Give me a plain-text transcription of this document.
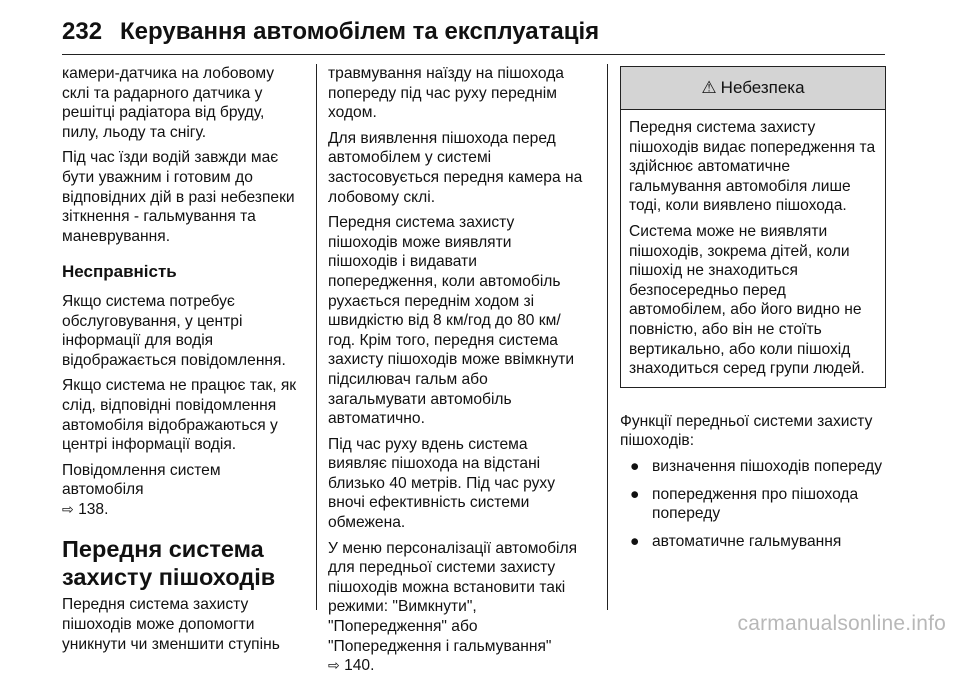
232 Керування автомобілем та експлуатація

камери-датчика на лобовому склі та радарного датчика у решітці радіатора від бруду, пилу, льоду та снігу.

Під час їзди водій завжди має бути уважним і готовим до відповідних дій в разі небезпеки зіткнення - гальмування та маневрування.

Несправність

Якщо система потребує обслуговування, у центрі інформації для водія відображається повідомлення.

Якщо система не працює так, як слід, відповідні повідомлення автомобіля відображаються у центрі інформації водія.

Повідомлення систем автомобіля
⇨ 138.

Передня система захисту пішоходів

Передня система захисту пішоходів може допомогти уникнути чи зменшити ступінь

травмування наїзду на пішохода попереду під час руху переднім ходом.

Для виявлення пішохода перед автомобілем у системі застосовується передня камера на лобовому склі.

Передня система захисту пішоходів може виявляти пішоходів і видавати попередження, коли автомобіль рухається переднім ходом зі швидкістю від 8 км/год до 80 км/год. Крім того, передня система захисту пішоходів може ввімкнути підсилювач гальм або загальмувати автомобіль автоматично.

Під час руху вдень система виявляє пішохода на відстані близько 40 метрів. Під час руху вночі ефективність системи обмежена.

У меню персоналізації автомобіля для передньої системи захисту пішоходів можна встановити такі режими: "Вимкнути", "Попередження" або "Попередження і гальмування"
⇨ 140.

⚠ Небезпека

Передня система захисту пішоходів видає попередження та здійснює автоматичне гальмування автомобіля лише тоді, коли виявлено пішохода.

Система може не виявляти пішоходів, зокрема дітей, коли пішохід не знаходиться безпосередньо перед автомобілем, або його видно не повністю, або він не стоїть вертикально, або коли пішохід знаходиться серед групи людей.

Функції передньої системи захисту пішоходів:

● визначення пішоходів попереду
● попередження про пішохода попереду
● автоматичне гальмування
carmanualsonline.info
